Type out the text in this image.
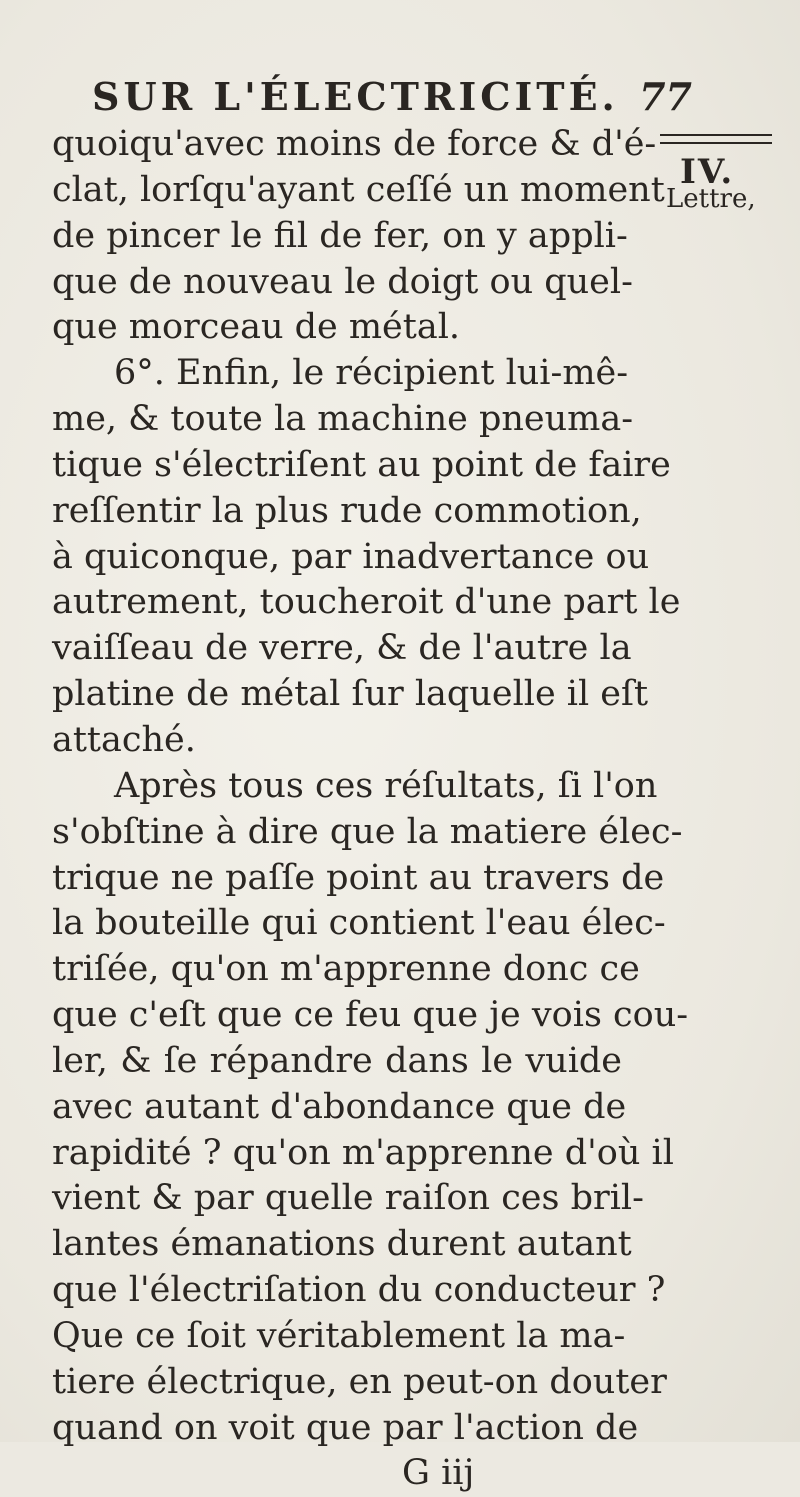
SUR L'ÉLECTRICITÉ. 77
quoiqu'avec moins de force & d'é-
clat, lorſqu'ayant ceſſé un moment
de pincer le fil de fer, on y appli-
que de nouveau le doigt ou quel-
que morceau de métal.
6°. Enfin, le récipient lui-mê-
me, & toute la machine pneuma-
tique s'électriſent au point de faire
reſſentir la plus rude commotion,
à quiconque, par inadvertance ou
autrement, toucheroit d'une part le
vaiſſeau de verre, & de l'autre la
platine de métal ſur laquelle il eſt
attaché.
Après tous ces réſultats, ſi l'on
s'obſtine à dire que la matiere élec-
trique ne paſſe point au travers de
la bouteille qui contient l'eau élec-
triſée, qu'on m'apprenne donc ce
que c'eſt que ce feu que je vois cou-
ler, & ſe répandre dans le vuide
avec autant d'abondance que de
rapidité ? qu'on m'apprenne d'où il
vient & par quelle raiſon ces bril-
lantes émanations durent autant
que l'électriſation du conducteur ?
Que ce ſoit véritablement la ma-
tiere électrique, en peut-on douter
quand on voit que par l'action de
G iij
IV.
Lettre,
